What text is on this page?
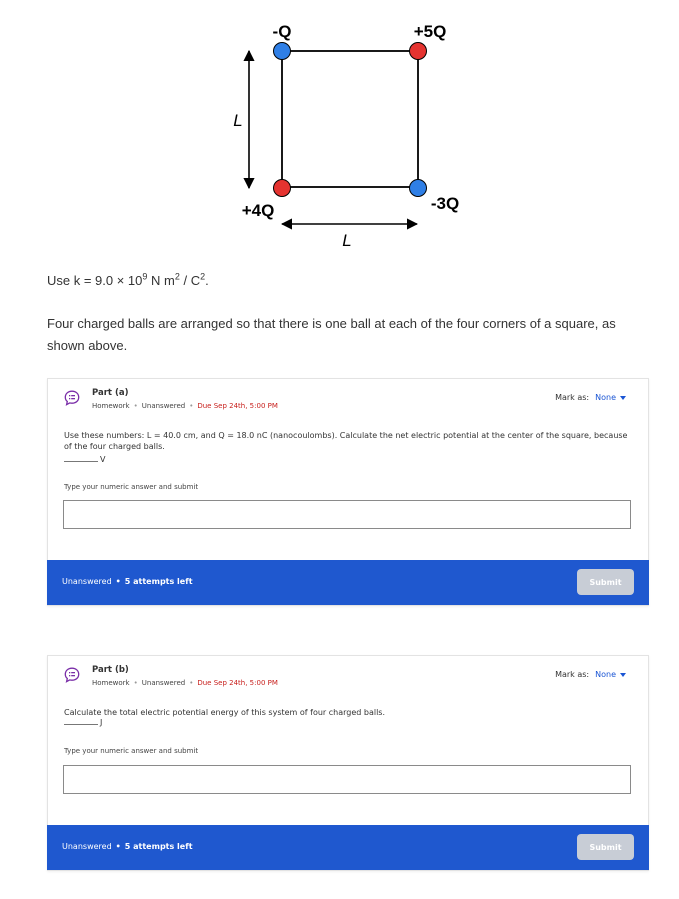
-Q	+5Q
+4Q	-3Q
L
L
Use $k = 9.0 \times 10^9$ N $m^2 / C^2$.
Four charged balls are arranged so that there is one ball at each of the four corners of a square, as shown above.
Part (a)
Homework • Unanswered • Due Sep 24th, 5:00 PM
Mark as: None
Use these numbers: L = 40.0 cm, and Q = 18.0 nC (nanocoulombs). Calculate the net electric potential at the center of the square, because of the four charged balls.
V
Type your numeric answer and submit
Unanswered • 5 attempts left	Submit
Part (b)
Homework • Unanswered • Due Sep 24th, 5:00 PM
Mark as: None
Calculate the total electric potential energy of this system of four charged balls.
J
Type your numeric answer and submit
Unanswered • 5 attempts left	Submit
